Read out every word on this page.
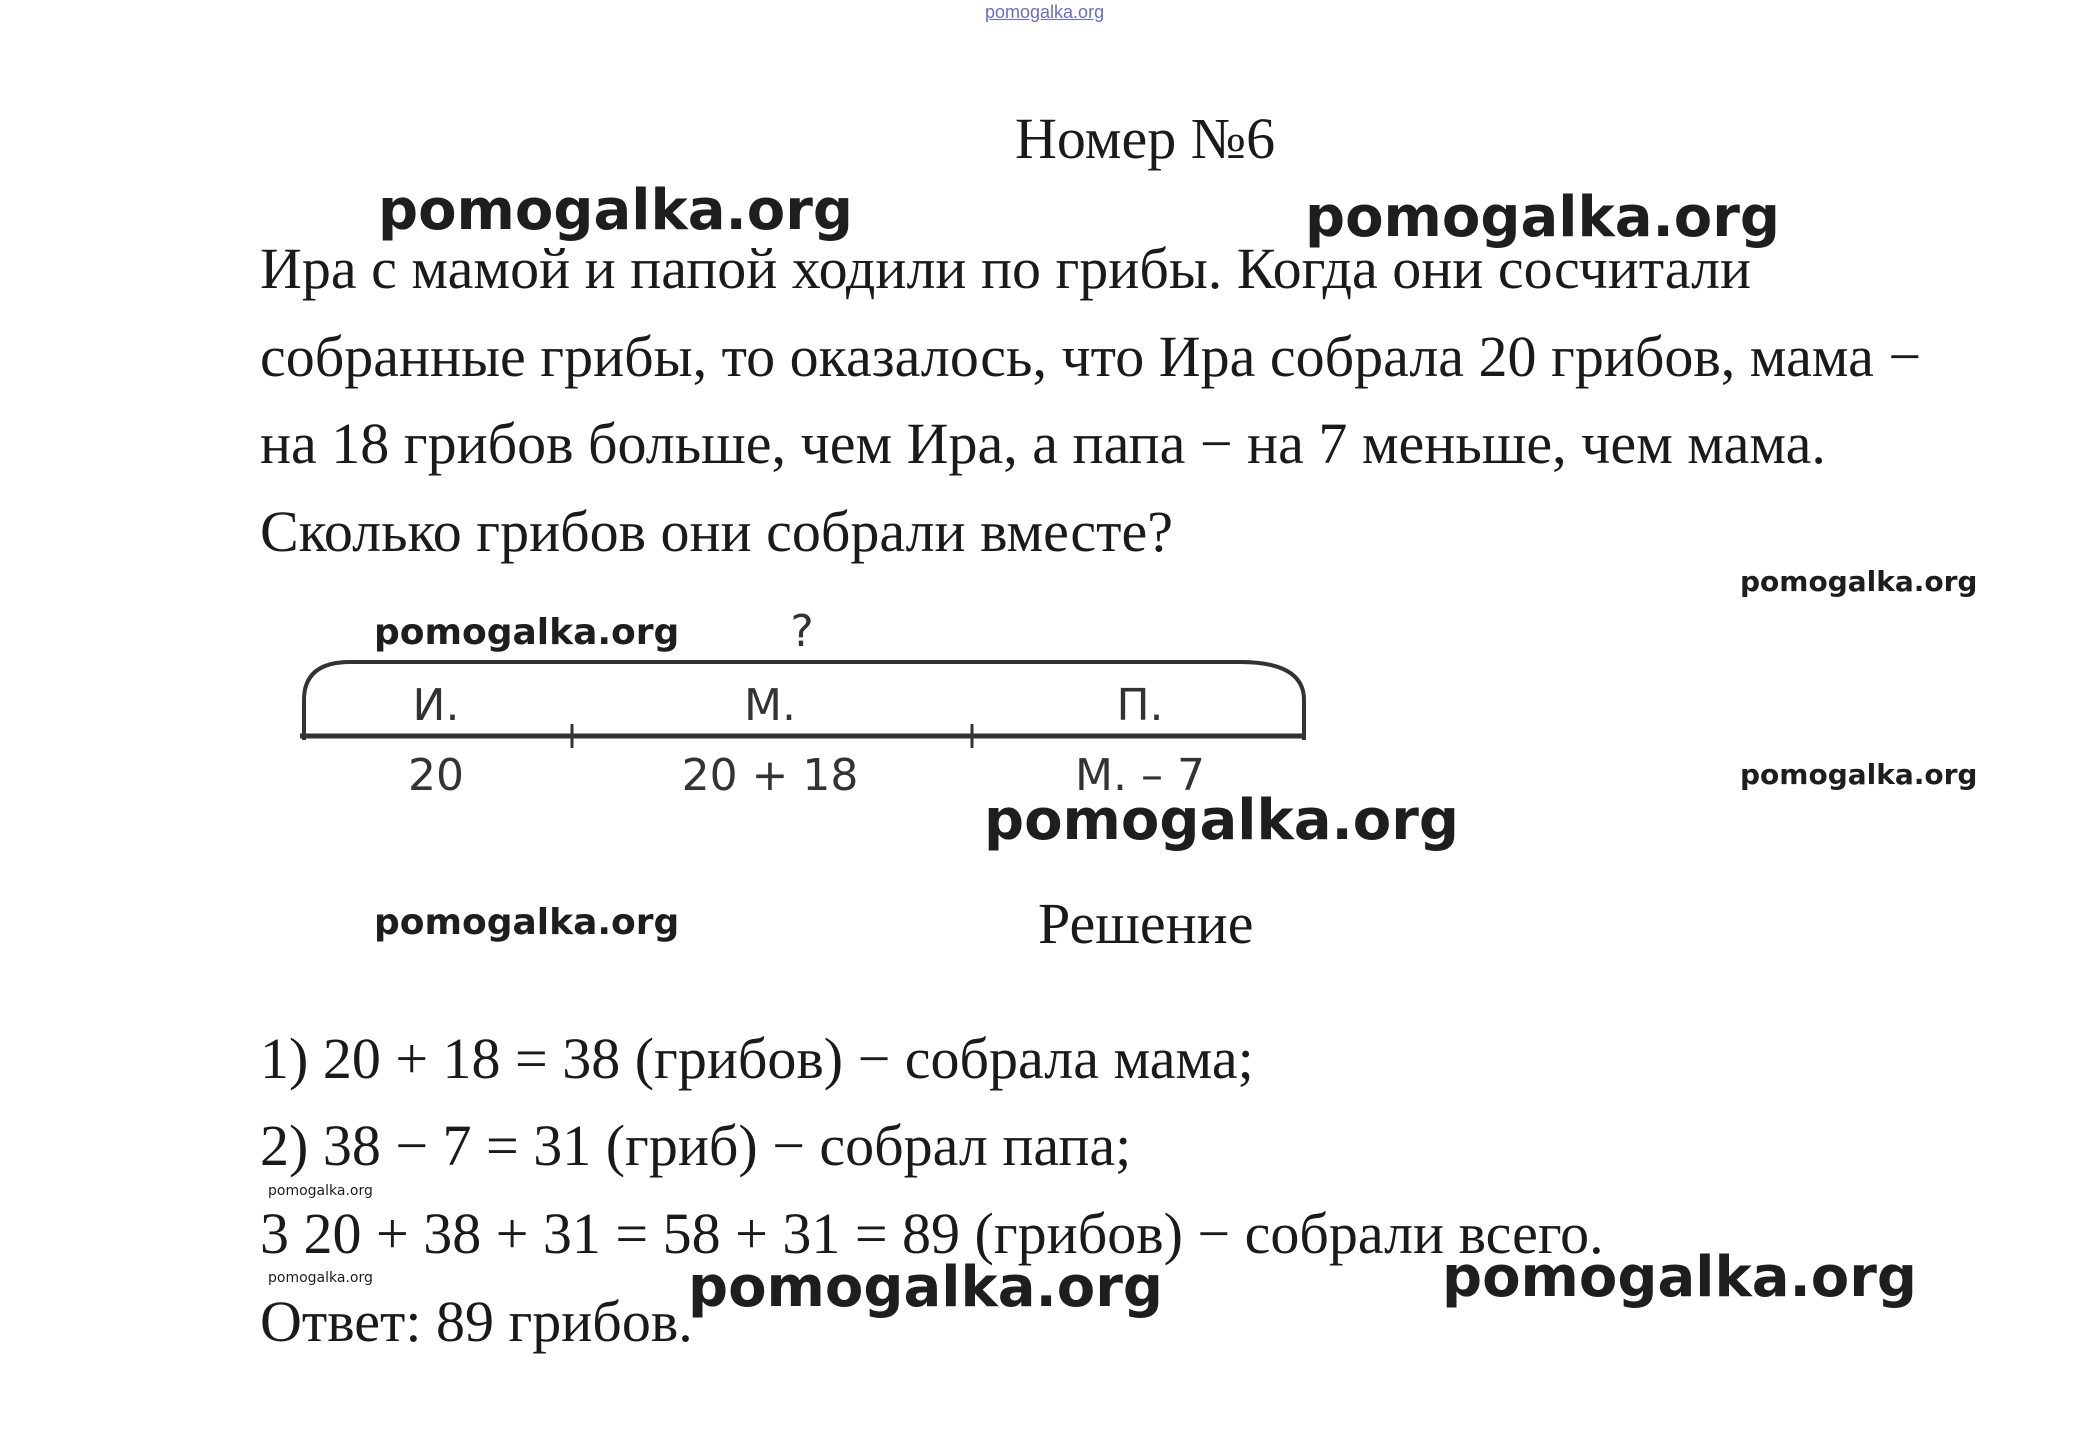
pomogalka.org
Номер №6
Ира с мамой и папой ходили по грибы. Когда они сосчитали
собранные грибы, то оказалось, что Ира собрала 20 грибов, мама −
на 18 грибов больше, чем Ира, а папа − на 7 меньше, чем мама.
Сколько грибов они собрали вместе?
?
И.	М.	П.
20	20 + 18	М. – 7
Решение
1) 20 + 18 = 38 (грибов) − собрала мама;
2) 38 − 7 = 31 (гриб) − собрал папа;
3 20 + 38 + 31 = 58 + 31 = 89 (грибов) − собрали всего.
Ответ: 89 грибов.
pomogalka.org	pomogalka.org
pomogalka.org
pomogalka.org
pomogalka.org
pomogalka.org
pomogalka.org
pomogalka.org
pomogalka.org	pomogalka.org	pomogalka.org
